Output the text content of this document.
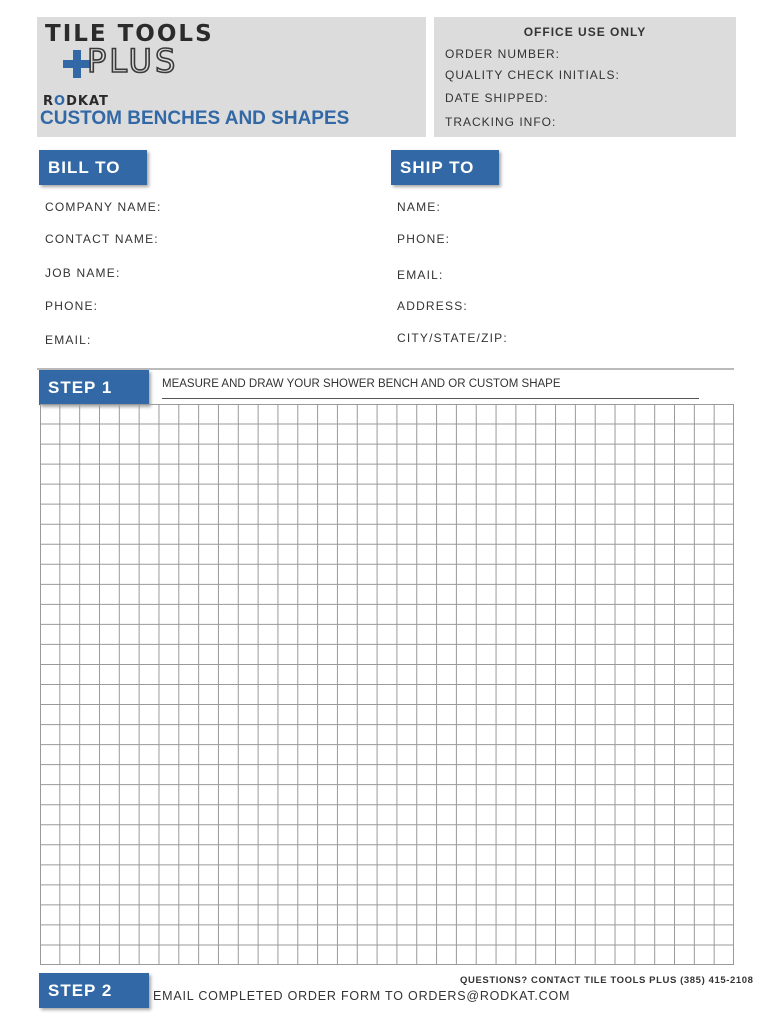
TILE TOOLS
PLUS
RODKAT
CUSTOM BENCHES AND SHAPES
OFFICE USE ONLY
ORDER NUMBER:
QUALITY CHECK INITIALS:
DATE SHIPPED:
TRACKING INFO:
BILL TO
COMPANY NAME:
CONTACT NAME:
JOB NAME:
PHONE:
EMAIL:
SHIP TO
NAME:
PHONE:
EMAIL:
ADDRESS:
CITY/STATE/ZIP:
STEP 1	MEASURE AND DRAW YOUR SHOWER BENCH AND OR CUSTOM SHAPE
QUESTIONS? CONTACT TILE TOOLS PLUS (385) 415-2108
STEP 2	EMAIL COMPLETED ORDER FORM TO ORDERS@RODKAT.COM
